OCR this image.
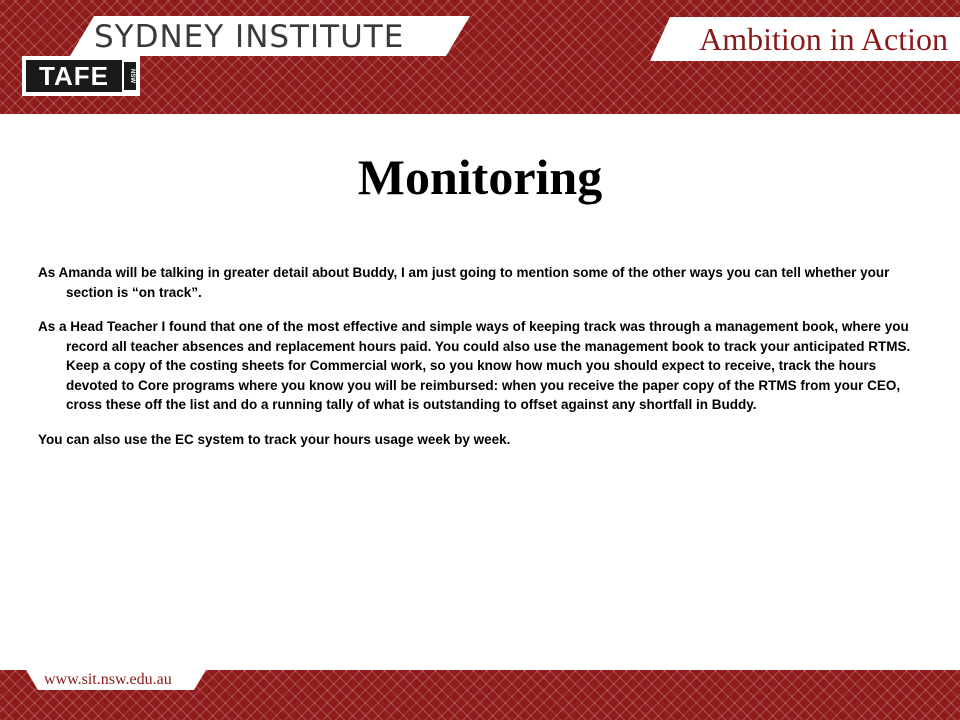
SYDNEY INSTITUTE	Ambition in Action
TAFE	NSW
Monitoring

As Amanda will be talking in greater detail about Buddy, I am just going to mention some of the other ways you can tell whether your section is “on track”.

As a Head Teacher I found that one of the most effective and simple ways of keeping track was through a management book, where you record all teacher absences and replacement hours paid. You could also use the management book to track your anticipated RTMS. Keep a copy of the costing sheets for Commercial work, so you know how much you should expect to receive, track the hours devoted to Core programs where you know you will be reimbursed: when you receive the paper copy of the RTMS from your CEO, cross these off the list and do a running tally of what is outstanding to offset against any shortfall in Buddy.

You can also use the EC system to track your hours usage week by week.

www.sit.nsw.edu.au
